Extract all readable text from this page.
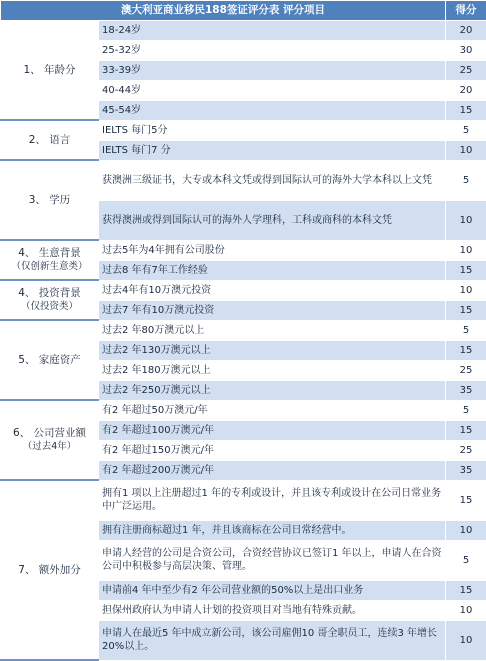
澳大利亚商业移民188签证评分表 评分项目		得分

1、 年龄分	18-24岁	20
	25-32岁	30
	33-39岁	25
	40-44岁	20
	45-54岁	15

2、 语言	IELTS 每门5分	5
	IELTS 每门7 分	10

3、 学历	获澳洲三级证书，大专或本科文凭或得到国际认可的海外大学本科以上文凭	5
	获得澳洲或得到国际认可的海外人学理科，工科或商科的本科文凭	10

4、 生意背景
（仅创新生意类）	过去5年为4年拥有公司股份	10
	过去8 年有7年工作经验	15

4、 投资背景
（仅投资类）	过去4年有10万澳元投资	10
	过去7 年有10万澳元投资	15

5、 家庭资产	过去2 年80万澳元以上	5
	过去2 年130万澳元以上	15
	过去2 年180万澳元以上	25
	过去2 年250万澳元以上	35

6、 公司营业额
（过去4年）	有2 年超过50万澳元/年	5
	有2 年超过100万澳元/年	15
	有2 年超过150万澳元/年	25
	有2 年超过200万澳元/年	35

7、 额外加分	拥有1 项以上注册超过1 年的专利或设计，并且该专利或设计在公司日常业务中广泛运用。	15
	拥有注册商标超过1 年，并且该商标在公司日常经营中。	10
	申请人经营的公司是合资公司，合资经营协议已签订1 年以上，申请人在合资公司中积极参与高层决策、管理。	5
	申请前4 年中至少有2 年公司营业额的50%以上是出口业务	15
	担保州政府认为申请人计划的投资项目对当地有特殊贡献。	10
	申请人在最近5 年中成立新公司，该公司雇佣10 哥全职员工，连续3 年增长20%以上。	10
